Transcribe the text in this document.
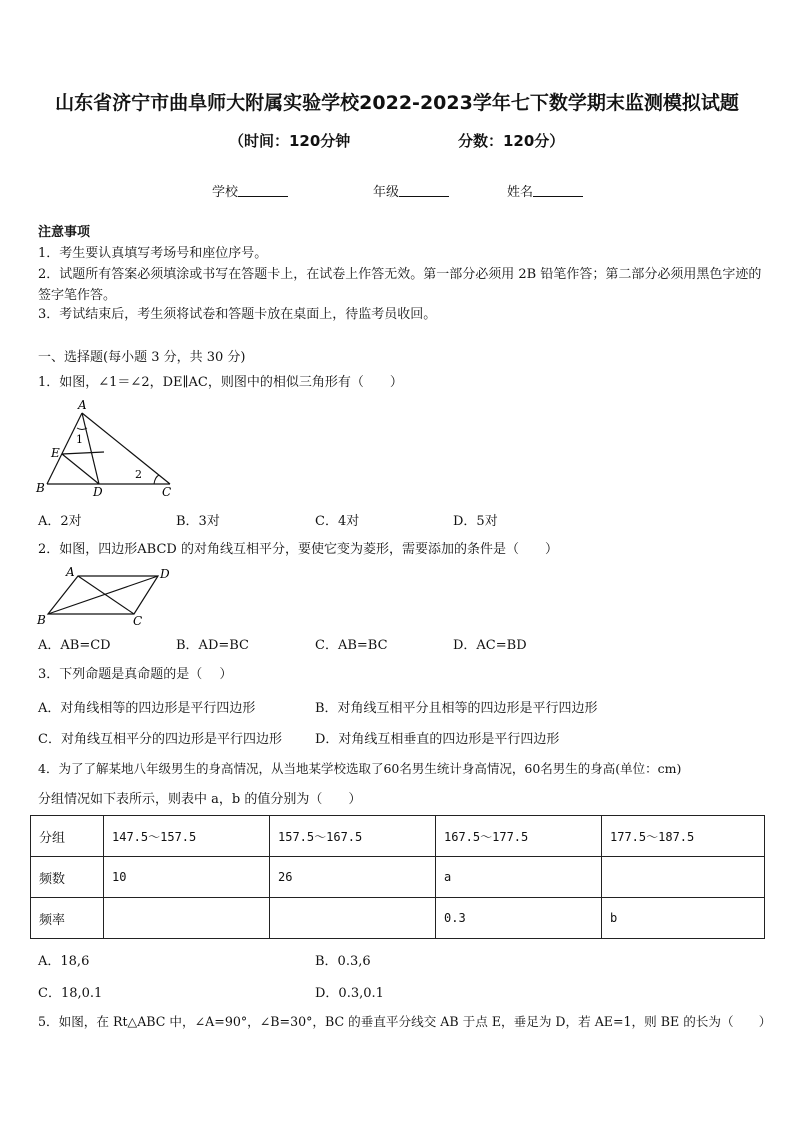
山东省济宁市曲阜师大附属实验学校2022-2023学年七下数学期末监测模拟试题
（时间：120分钟	分数：120分）
学校	年级	姓名
注意事项
1．考生要认真填写考场号和座位序号。
2．试题所有答案必须填涂或书写在答题卡上，在试卷上作答无效。第一部分必须用 2B 铅笔作答；第二部分必须用黑色字迹的签字笔作答。
3．考试结束后，考生须将试卷和答题卡放在桌面上，待监考员收回。
一、选择题(每小题 3 分，共 30 分)
1．如图，∠1＝∠2，DE∥AC，则图中的相似三角形有（　　）
A
B	C
D
E
1
2
A．2对	B．3对	C．4对	D．5对
2．如图，四边形ABCD 的对角线互相平分，要使它变为菱形，需要添加的条件是（　　）
A	D
B	C
A．AB=CD	B．AD=BC	C．AB=BC	D．AC=BD
3．下列命题是真命题的是（　 ）
A．对角线相等的四边形是平行四边形	B．对角线互相平分且相等的四边形是平行四边形
C．对角线互相平分的四边形是平行四边形	D．对角线互相垂直的四边形是平行四边形
4．为了了解某地八年级男生的身高情况，从当地某学校选取了60名男生统计身高情况，60名男生的身高(单位：cm)
分组情况如下表所示，则表中 a，b 的值分别为（　　）
分组	147.5～157.5	157.5～167.5	167.5～177.5	177.5～187.5
频数	10	26	a	
频率			0.3	b
A．18,6	B．0.3,6
C．18,0.1	D．0.3,0.1
5．如图，在 Rt△ABC 中，∠A=90°，∠B=30°，BC 的垂直平分线交 AB 于点 E，垂足为 D，若 AE=1，则 BE 的长为（　　）
